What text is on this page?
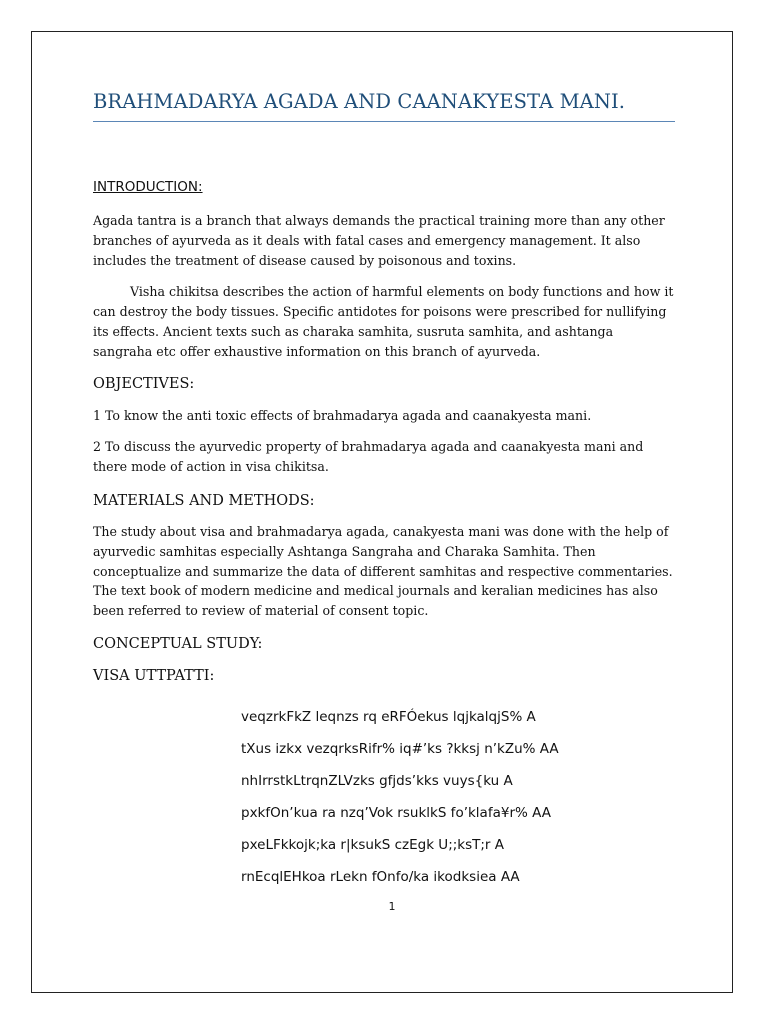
BRAHMADARYA AGADA AND CAANAKYESTA MANI.

INTRODUCTION:

Agada tantra is a branch that always demands the practical training more than any other branches of ayurveda as it deals with fatal cases and emergency management. It also includes the treatment of disease caused by poisonous and toxins.

Visha chikitsa describes the action of harmful elements on body functions and how it can destroy the body tissues. Specific antidotes for poisons were prescribed for nullifying its effects. Ancient texts such as charaka samhita, susruta samhita, and ashtanga sangraha etc offer exhaustive information on this branch of ayurveda.

OBJECTIVES:

1 To know the anti toxic effects of brahmadarya agada and caanakyesta mani.

2 To discuss the ayurvedic property of brahmadarya agada and caanakyesta mani and there mode of action in visa chikitsa.

MATERIALS AND METHODS:

The study about visa and brahmadarya agada, canakyesta mani was done with the help of ayurvedic samhitas especially Ashtanga Sangraha and Charaka Samhita. Then conceptualize and summarize the data of different samhitas and respective commentaries. The text book of modern medicine and medical journals and keralian medicines has also been referred to review of material of consent topic.

CONCEPTUAL STUDY:

VISA UTTPATTI:

veqzrkFkZ leqnzs rq eRFÓekus lqjkalqjS% A

tXus izkx vezqrksRifr% iq#’ks ?kksj n’kZu% AA

nhIrrstkLtrqnZLVzks gfjds’kks vuys{ku A

pxkfOn’kua ra nzq’Vok rsuklkS fo’klafa¥r% AA

pxeLFkkojk;ka r|ksukS czEgk U;;ksT;r A

rnEcqlEHkoa rLekn fOnfo/ka ikodksiea AA

1
